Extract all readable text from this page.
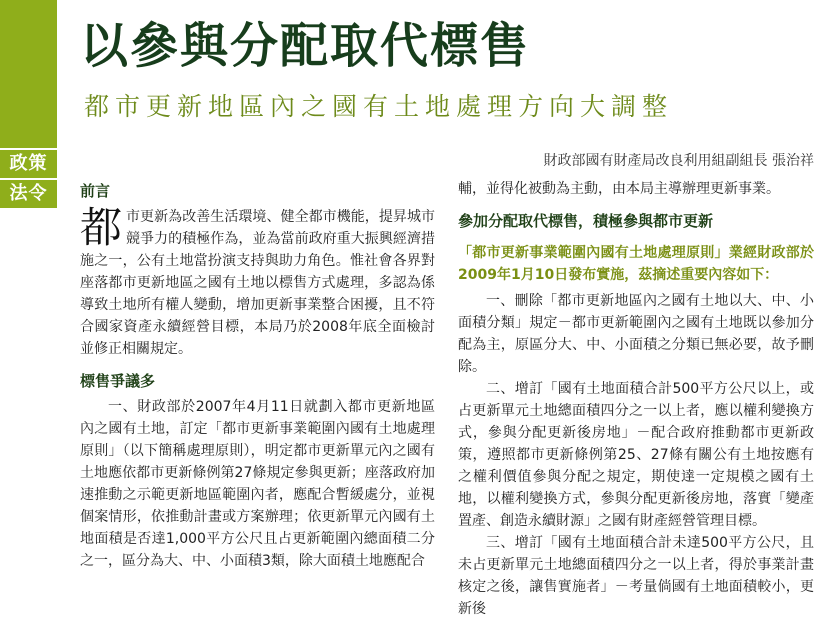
政策
法令
以參與分配取代標售
都市更新地區內之國有土地處理方向大調整
財政部國有財產局改良利用組副組長 張治祥
前言

都市更新為改善生活環境、健全都市機能，提昇城市競爭力的積極作為，並為當前政府重大振興經濟措施之一，公有土地當扮演支持與助力角色。惟社會各界對座落都市更新地區之國有土地以標售方式處理，多認為係導致土地所有權人變動，增加更新事業整合困擾，且不符合國家資產永續經營目標，本局乃於2008年底全面檢討並修正相關規定。

標售爭議多

一、財政部於2007年4月11日就劃入都市更新地區內之國有土地，訂定「都市更新事業範圍內國有土地處理原則」（以下簡稱處理原則），明定都市更新單元內之國有土地應依都市更新條例第27條規定參與更新；座落政府加速推動之示範更新地區範圍內者，應配合暫緩處分，並視個案情形，依推動計畫或方案辦理；依更新單元內國有土地面積是否達1,000平方公尺且占更新範圍內總面積二分之一，區分為大、中、小面積3類，除大面積土地應配合

輔，並得化被動為主動，由本局主導辦理更新事業。

參加分配取代標售，積極參與都市更新

「都市更新事業範圍內國有土地處理原則」業經財政部於2009年1月10日發布實施，茲摘述重要內容如下：

一、刪除「都市更新地區內之國有土地以大、中、小面積分類」規定－都市更新範圍內之國有土地既以參加分配為主，原區分大、中、小面積之分類已無必要，故予刪除。

二、增訂「國有土地面積合計500平方公尺以上，或占更新單元土地總面積四分之一以上者，應以權利變換方式，參與分配更新後房地」－配合政府推動都市更新政策，遵照都市更新條例第25、27條有關公有土地按應有之權利價值參與分配之規定，期使達一定規模之國有土地，以權利變換方式，參與分配更新後房地，落實「變產置產、創造永續財源」之國有財產經營管理目標。

三、增訂「國有土地面積合計未達500平方公尺，且未占更新單元土地總面積四分之一以上者，得於事業計畫核定之後，讓售實施者」－考量倘國有土地面積較小，更新後
